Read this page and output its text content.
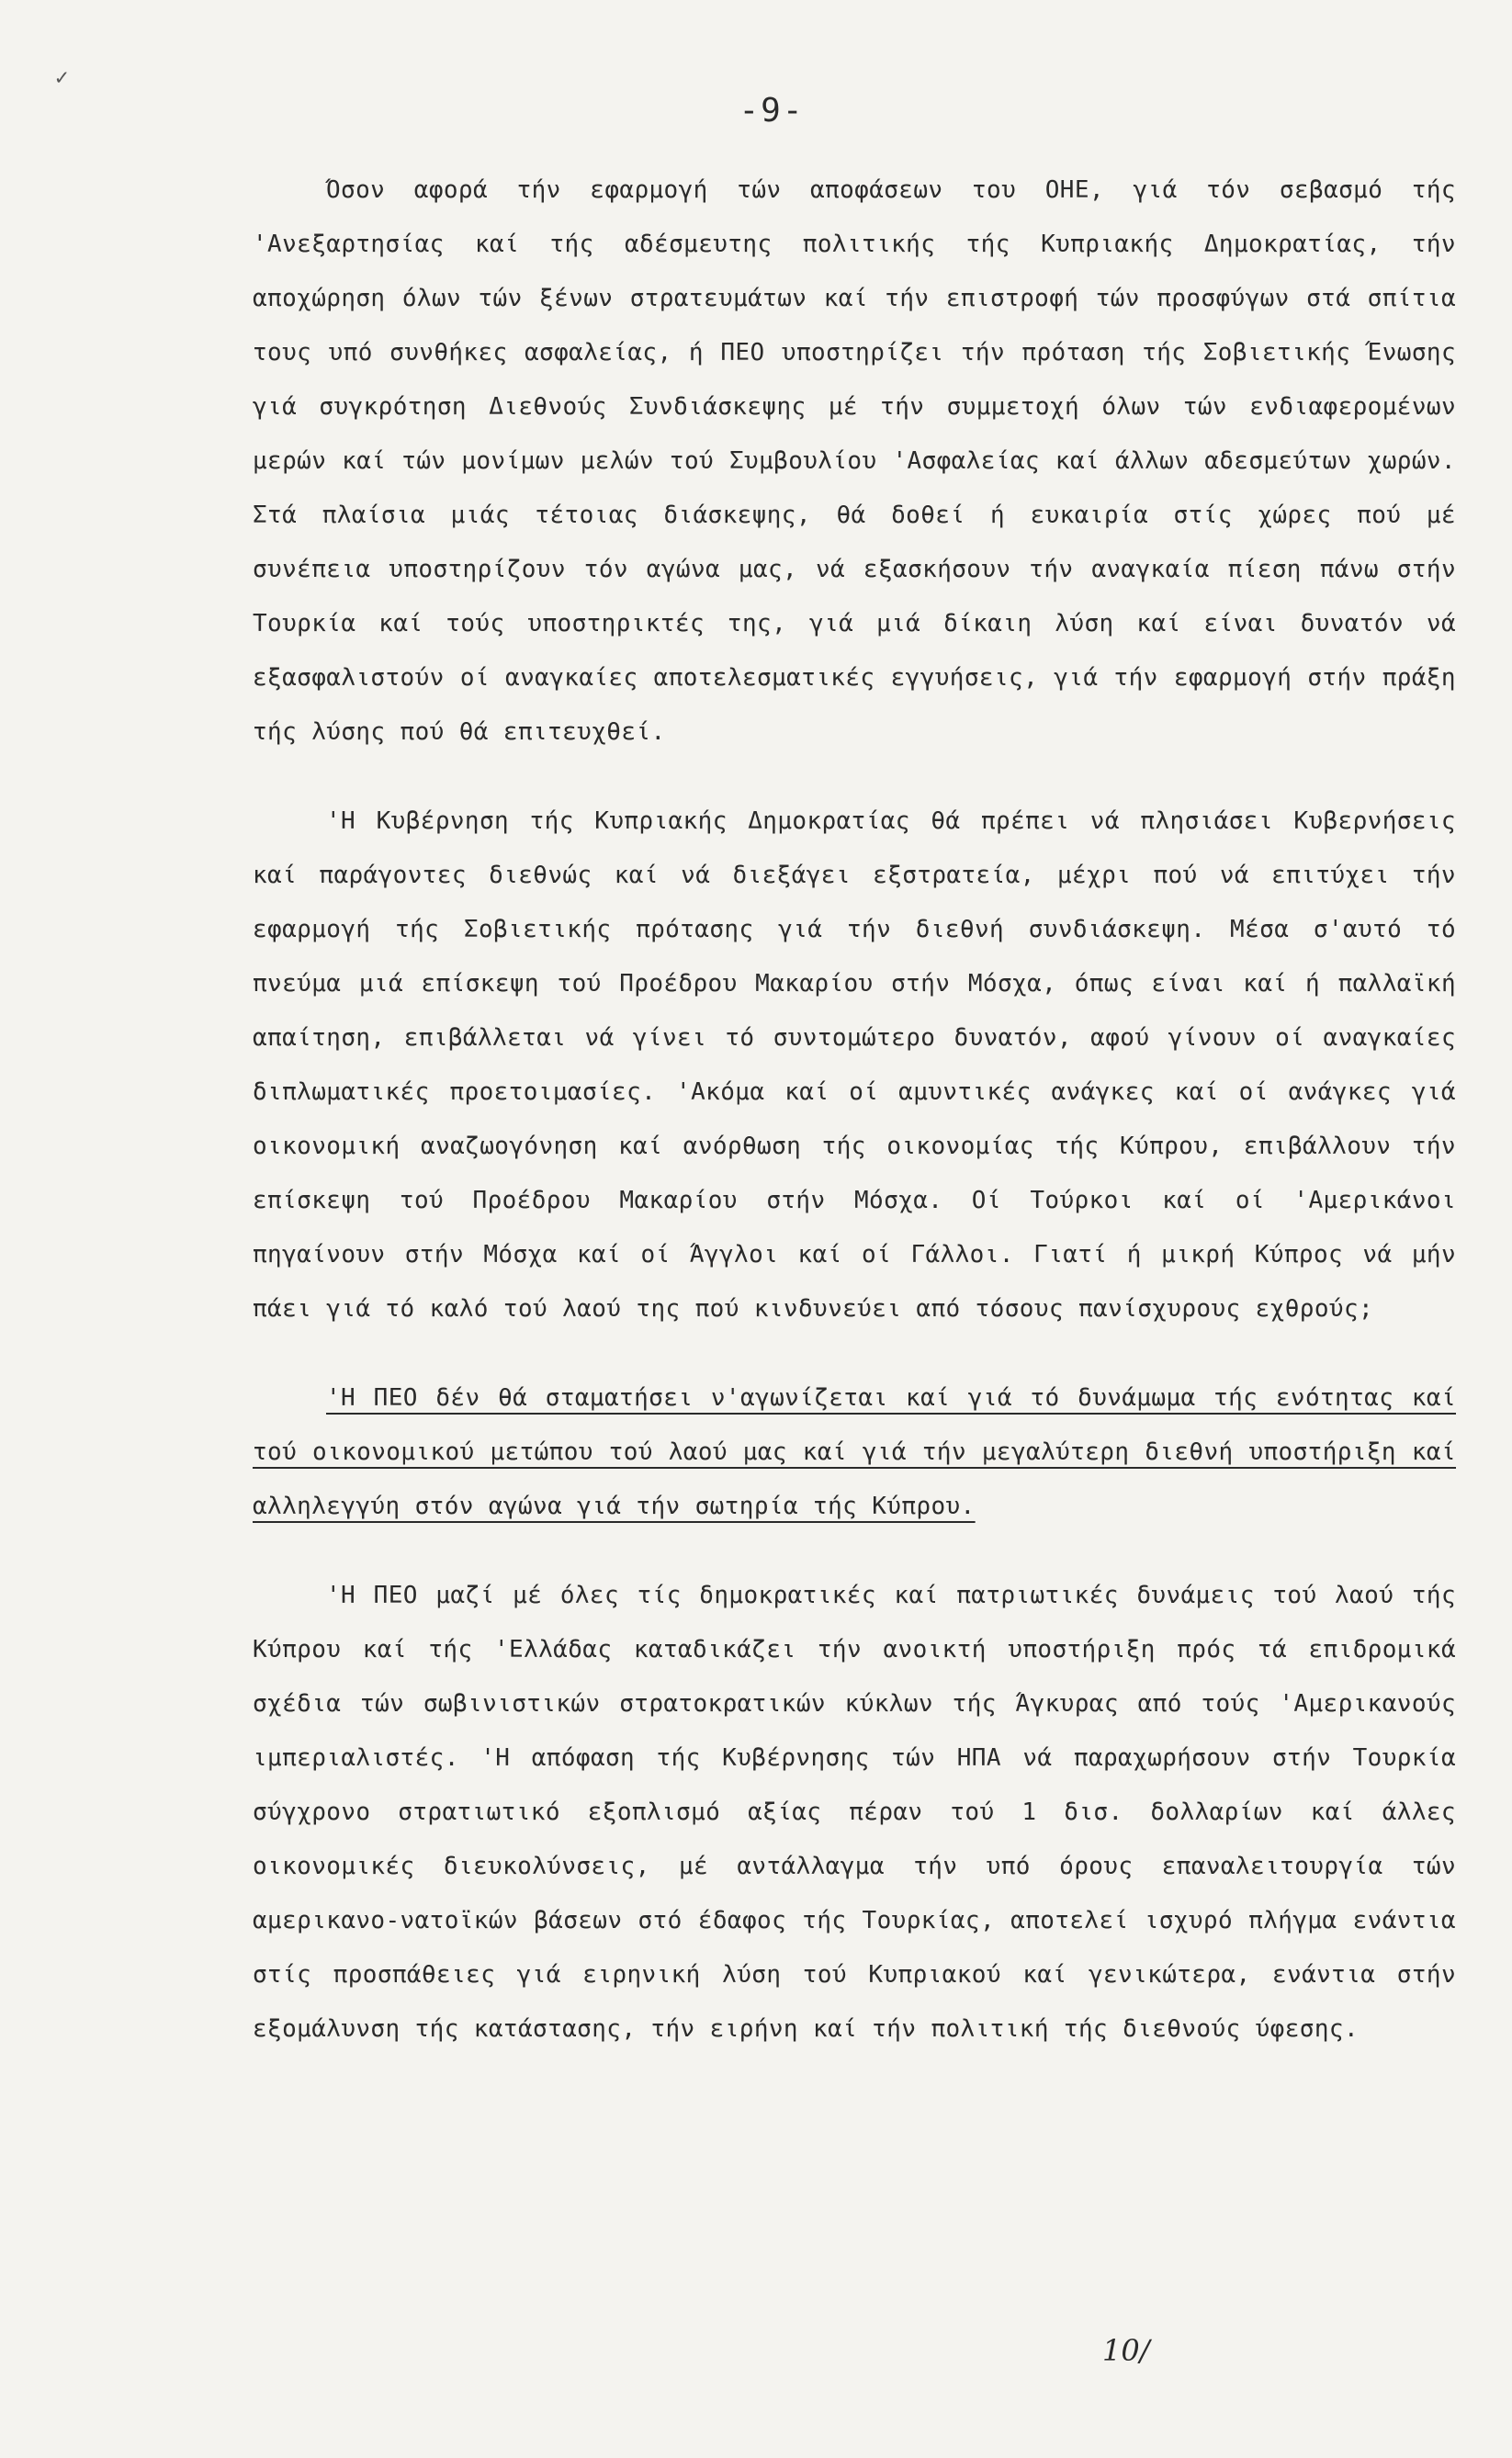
✓
-9-

Όσον αφορά τήν εφαρμογή τών αποφάσεων του ΟΗΕ, γιά τόν σεβασμό τής 'Ανεξαρτησίας καί τής αδέσμευτης πολιτικής τής Κυπριακής Δημοκρατίας, τήν αποχώρηση όλων τών ξένων στρατευμάτων καί τήν επιστροφή τών προσφύγων στά σπίτια τους υπό συνθήκες ασφαλείας, ή ΠΕΟ υποστηρίζει τήν πρόταση τής Σοβιετικής Ένωσης γιά συγκρότηση Διεθνούς Συνδιάσκεψης μέ τήν συμμετοχή όλων τών ενδιαφερομένων μερών καί τών μονίμων μελών τού Συμβουλίου 'Ασφαλείας καί άλλων αδεσμεύτων χωρών. Στά πλαίσια μιάς τέτοιας διάσκεψης, θά δοθεί ή ευκαιρία στίς χώρες πού μέ συνέπεια υποστηρίζουν τόν αγώνα μας, νά εξασκήσουν τήν αναγκαία πίεση πάνω στήν Τουρκία καί τούς υποστηρικτές της, γιά μιά δίκαιη λύση καί είναι δυνατόν νά εξασφαλιστούν οί αναγκαίες αποτελεσματικές εγγυήσεις, γιά τήν εφαρμογή στήν πράξη τής λύσης πού θά επιτευχθεί.

'Η Κυβέρνηση τής Κυπριακής Δημοκρατίας θά πρέπει νά πλησιάσει Κυβερνήσεις καί παράγοντες διεθνώς καί νά διεξάγει εξστρατεία, μέχρι πού νά επιτύχει τήν εφαρμογή τής Σοβιετικής πρότασης γιά τήν διεθνή συνδιάσκεψη. Μέσα σ'αυτό τό πνεύμα μιά επίσκεψη τού Προέδρου Μακαρίου στήν Μόσχα, όπως είναι καί ή παλλαϊκή απαίτηση, επιβάλλεται νά γίνει τό συντομώτερο δυνατόν, αφού γίνουν οί αναγκαίες διπλωματικές προετοιμασίες. 'Ακόμα καί οί αμυντικές ανάγκες καί οί ανάγκες γιά οικονομική αναζωογόνηση καί ανόρθωση τής οικονομίας τής Κύπρου, επιβάλλουν τήν επίσκεψη τού Προέδρου Μακαρίου στήν Μόσχα. Οί Τούρκοι καί οί 'Αμερικάνοι πηγαίνουν στήν Μόσχα καί οί Άγγλοι καί οί Γάλλοι. Γιατί ή μικρή Κύπρος νά μήν πάει γιά τό καλό τού λαού της πού κινδυνεύει από τόσους πανίσχυρους εχθρούς;

'Η ΠΕΟ δέν θά σταματήσει ν'αγωνίζεται καί γιά τό δυνάμωμα τής ενότητας καί τού οικονομικού μετώπου τού λαού μας καί γιά τήν μεγαλύτερη διεθνή υποστήριξη καί αλληλεγγύη στόν αγώνα γιά τήν σωτηρία τής Κύπρου.

'Η ΠΕΟ μαζί μέ όλες τίς δημοκρατικές καί πατριωτικές δυνάμεις τού λαού τής Κύπρου καί τής 'Ελλάδας καταδικάζει τήν ανοικτή υποστήριξη πρός τά επιδρομικά σχέδια τών σωβινιστικών στρατοκρατικών κύκλων τής Άγκυρας από τούς 'Αμερικανούς ιμπεριαλιστές. 'Η απόφαση τής Κυβέρνησης τών ΗΠΑ νά παραχωρήσουν στήν Τουρκία σύγχρονο στρατιωτικό εξοπλισμό αξίας πέραν τού 1 δισ. δολλαρίων καί άλλες οικονομικές διευκολύνσεις, μέ αντάλλαγμα τήν υπό όρους επαναλειτουργία τών αμερικανο-νατοϊκών βάσεων στό έδαφος τής Τουρκίας, αποτελεί ισχυρό πλήγμα ενάντια στίς προσπάθειες γιά ειρηνική λύση τού Κυπριακού καί γενικώτερα, ενάντια στήν εξομάλυνση τής κατάστασης, τήν ειρήνη καί τήν πολιτική τής διεθνούς ύφεσης.

10/
